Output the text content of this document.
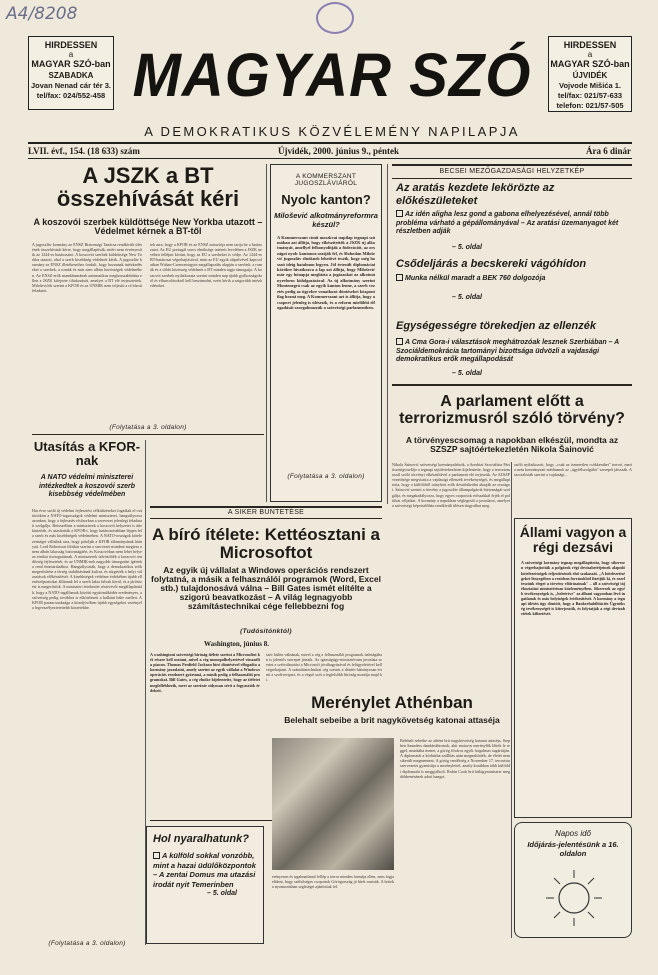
A4/8208
HIRDESSEN
a
MAGYAR SZÓ-ban
SZABADKA
Jovan Nenad cár tér 3.
tel/fax: 024/552-458
HIRDESSEN
a
MAGYAR SZÓ-ban
ÚJVIDÉK
Vojvode Mišića 1.
tel/fax: 021/57-633
telefon: 021/57-505
MAGYAR SZÓ
A DEMOKRATIKUS KÖZVÉLEMÉNY NAPILAPJA
LVII. évf., 154. (18 633) szám	Újvidék, 2000. június 9., péntek	Ára 6 dinár
A JSZK a BT összehívását kéri
A koszovói szerbek küldöttsége New Yorkba utazott – Védelmet kérnek a BT-től
A jugoszláv kormány az ENSZ Biztonsági Tanácsa rendkívüli ülésének összehívását kérte, hogy megállapítsák, miért nem érvényesítik az 1244-es határozatot. A koszovói szerbek küldöttsége New Yorkba utazott, ahol a szerb kisebbség védelmét kérik. A jugoszláv kormány az ENSZ illetékeseihez fordult, hogy hozzanak intézkedéseket a szerbek, a romák és más nem albán közösségek védelmében. Az ENSZ-erők mandátumának automatikus meghosszabbítása ellen a JSZK kifejezte tiltakozását, amelyet a BT elé terjesztettek. Miloševićék szerint a KFOR és az UNMIK nem teljesíti a rá bízott feladatot.
tek arra, hogy a KFOR és az ENSZ missziója nem tartja be a határozatot. Az EU portugál soros elnöksége intézett levelében a JSZK nevében fellépni kívánt, hogy az EU a szerbeket is védje. Az 1244-es BT-határozat végrehajtásával, mint az EU egyik alapelvével kapcsolatban Wuhan-Csernomirgyin megállapodás alapján a szerbek, a romák és a többi közösség védelmét a BT minden tagja támogatja. A koszovói szerbek nyilatkozata szerint minden nap újabb gyilkosságokról és elhurcolásokról kell beszámolni, ezért kérik a szigorúbb intézkedéseket.
(Folytatása a 3. oldalon)
Utasítás a KFOR-nak
A NATO védelmi miniszterei intézkedtek a koszovói szerb kisebbség védelmében
Hat évre szóló új védelmi fejlesztési célkitűzéseket fogadtak el csütörtökön a NATO-tagországok védelmi miniszterei, hangsúlyozva azonban, hogy a fejlesztés elsősorban a szervezet jelenlegi feladatait szolgálja. Brüsszelben a miniszterek a koszovói helyzetet is áttekintették, és utasították a KFOR-t, hogy határozottabban lépjen fel a szerb és más kisebbségek védelmében. A NATO-országok kötelezettséget vállaltak arra, hogy pótolják a KFOR állományának hiányait. Lord Robertson főtitkár szerint a szervezet mindent megtesz a nem albán lakosság biztonságáért, és Koszovóban nem lehet helye az etnikai tisztogatásnak. A miniszterek üdvözölték a koszovói rendőrség fejlesztését, és az UNMIK-nek nagyobb támogatást ígértek a rend fenntartásához. Hangsúlyozták, hogy a demokratikus erők megerősítése a térség stabilitásának kulcsa, és sürgették a helyi választások előkészítését. A kisebbségek védelme érdekében újabb ellenőrzőpontokat állítanak fel a szerb lakta falvak körül, és a járőrözést is megerősítik. A miniszteri értekezlet résztvevői megállapították, hogy a NATO-tagállamok közötti együttműködés eredményes, a szövetség pedig továbbra is elkötelezett a balkáni béke mellett. A KFOR parancsnoksága a közeljövőben újabb egységeket vezényel a legveszélyeztetettebb körzetekbe.
(Folytatása a 3. oldalon)
A KOMMERSZANT JUGOSZLÁVIÁRÓL
Nyolc kanton?
Milošević alkotmányreformra készül?
A Kommerszant című moszkvai napilap tegnapi számában azt állítja, hogy elkészítették a JSZK új alkotmányát, amellyel felbonyolítják a föderációt, az országot nyolc kantonra osztják fel, és Slobodan Milošević jugoszláv elnöknek lehetővé teszik, hogy még hosszú ideig hatalmon legyen. Jól értesült diplomáciai körökre hivatkozva a lap azt állítja, hogy Milošević már egy hónapja megbízta a jogászokat az alkotmányreform kidolgozásával. Az új alkotmány szerint Montenegró csak az egyik kanton lenne, a szerb vezetés pedig az ügyekre vonatkozó döntéseket központilag hozná meg. A Kommerszant azt is állítja, hogy a csoport jelenleg is ülésezik, és a reform mielőbbi elfogadását szorgalmazzák a szövetségi parlamentben.
(Folytatása a 3. oldalon)
BECSEI MEZŐGAZDASÁGI HELYZETKÉP
Az aratás kezdete lekörözte az előkészületeket
Az idén aligha lesz gond a gabona elhelyezésével, annál több probléma várható a gépállományával – Az aratási üzemanyagot két részletben adják
– 5. oldal
Csődeljárás a becskereki vágóhídon
Munka nélkül maradt a BEK 760 dolgozója
– 5. oldal
Egységességre törekedjen az ellenzék
A Cma Gora-i választások meghátrozóak lesznek Szerbiában – A Szociáldemokrácia tartományi bizottsága üdvözli a vajdasági demokratikus erők megállapodását
– 5. oldal
A parlament előtt a terrorizmusról szóló törvény?
A törvényescsomag a napokban elkészül, mondta az SZSZP sajtóértekezletén Nikola Šainović
Nikola Šainović szövetségi kormányalelnök, a Szerbiai Szocialista Párt tisztségviselője a tegnapi sajtóértekezleten kijelentette, hogy a terrorizmusról szóló törvényt elkészültével a parlament elé terjesztik. Az SZSZP vezetősége megvitatta a vajdasági ellenzék tevékenységét, és megállapította, hogy a külföldről irányított erők destabilizálni akarják az országot. Šainović szerint a törvény a jugoszláv állampolgárok biztonságát szolgálja, és megakadályozza, hogy egyes csoportok erőszakkal érjék el politikai céljaikat. A kormány a napokban véglegesíti a javaslatot, amelyet a szövetségi képviselőház rendkívüli ülésen tárgyalhat meg.
szóló nyilatkozott, hogy „csak az ismeretlen csökkenthet" terrort, mert a nem kormányzati médiumok az „ügyfélszolgálat" szerepét játsszák. A szocialisták szerint a vajdasági...
Állami vagyon a régi dezsávi
A szövetségi kormány tegnap megállapította, hogy sikeresen végrehajtották a polgárok régi devizabetétjeinek alapuló kötelezettségek teljesítésének első szakaszát. „A kötelezettségeket lényegében a rezidens forrásokból fizetjük ki, és ezzel teszünk eleget a törvény előírásainak" – áll a szövetségi tájékoztatási minisztérium közleményében. Sikeresek az egyéb tevékenységek is, „beleértve" az állami vagyonban lévő ingatlanok és más helyiségek értékesítését. A kormány a tegnapi ülésén úgy döntött, hogy a Bankrehabilitációs Ügynökség tevékenységét is kiterjesztik, és folytatják a régi devizabetétek kifizetését.
Napos idő
Időjárás-jelentésünk a 16. oldalon
A SIKER BÜNTETÉSE
A bíró ítélete: Kettéosztani a Microsoftot
Az egyik új vállalat a Windows operációs rendszert folytatná, a másik a felhasználói programok (Word, Excel stb.) tulajdonosává válna – Bill Gates ismét elítélte a szigorú beavatkozást – A világ legnagyobb számítástechnikai cége fellebbezni fog
(Tudósítónktól)
Washington, június 8.
A washingtoni szövetségi bíróság ítélete szerint a Microsoftot két részre kell osztani, mivel a cég monopolhelyzetével visszaélt a piacon. Thomas Penfield Jackson bíró döntésével elfogadta a kormány javaslatát, amely szerint az egyik vállalat a Windows operációs rendszert gyártaná, a másik pedig a felhasználói programokat. Bill Gates, a cég elnöke kijelentette, hogy az ítéletet megfellebbezik, mert az szerinte súlyosan sérti a fogyasztók érdekeit.
ször külön válnának, mivel a cég a felhasználói programok üzletágában is jelentős szerepet játszik. Az igazságügy-minisztérium javaslata szerint a szétválasztást a Microsoft jóváhagyásával és felügyeletével kell végrehajtani. A számítástechnikai cég szerint a döntés hátrányosan érinti a szoftveripart, és a végső szót a legfelsőbb bíróság mondja majd ki.
Hol nyaralhatunk?
A külföld sokkal vonzóbb, mint a hazai üdülőközpontok – A zentai Domus ma utazási irodát nyit Temerinben
– 5. oldal
Merénylet Athénban
Belehalt sebeibe a brit nagykövetség katonai attaséja
Belehalt sebeibe az athéni brit nagykövetség katonai attaséja, Stephen Saunders dandártábornok, akit motoros merénylők lőttek le reggel, munkába menet, a görög főváros egyik forgalmas sugárútján. A diplomatát a kórházba szállítás után megműtötték, de életét nem sikerült megmenteni. A görög rendőrség a November 17. terrorista szervezetet gyanúsítja a merénylettel, amely korábban több külföldi diplomatát is meggyilkolt. Robin Cook brit külügyminiszter megdöbbenésének adott hangot.
erényesen és irgalmatlanul fellép a terror minden formája ellen, nem fogja eltűrni, hogy szélsőséges csoportok Görögország jó hírét rontsák. A britek a nyomozásban segítséget ajánlottak fel.
